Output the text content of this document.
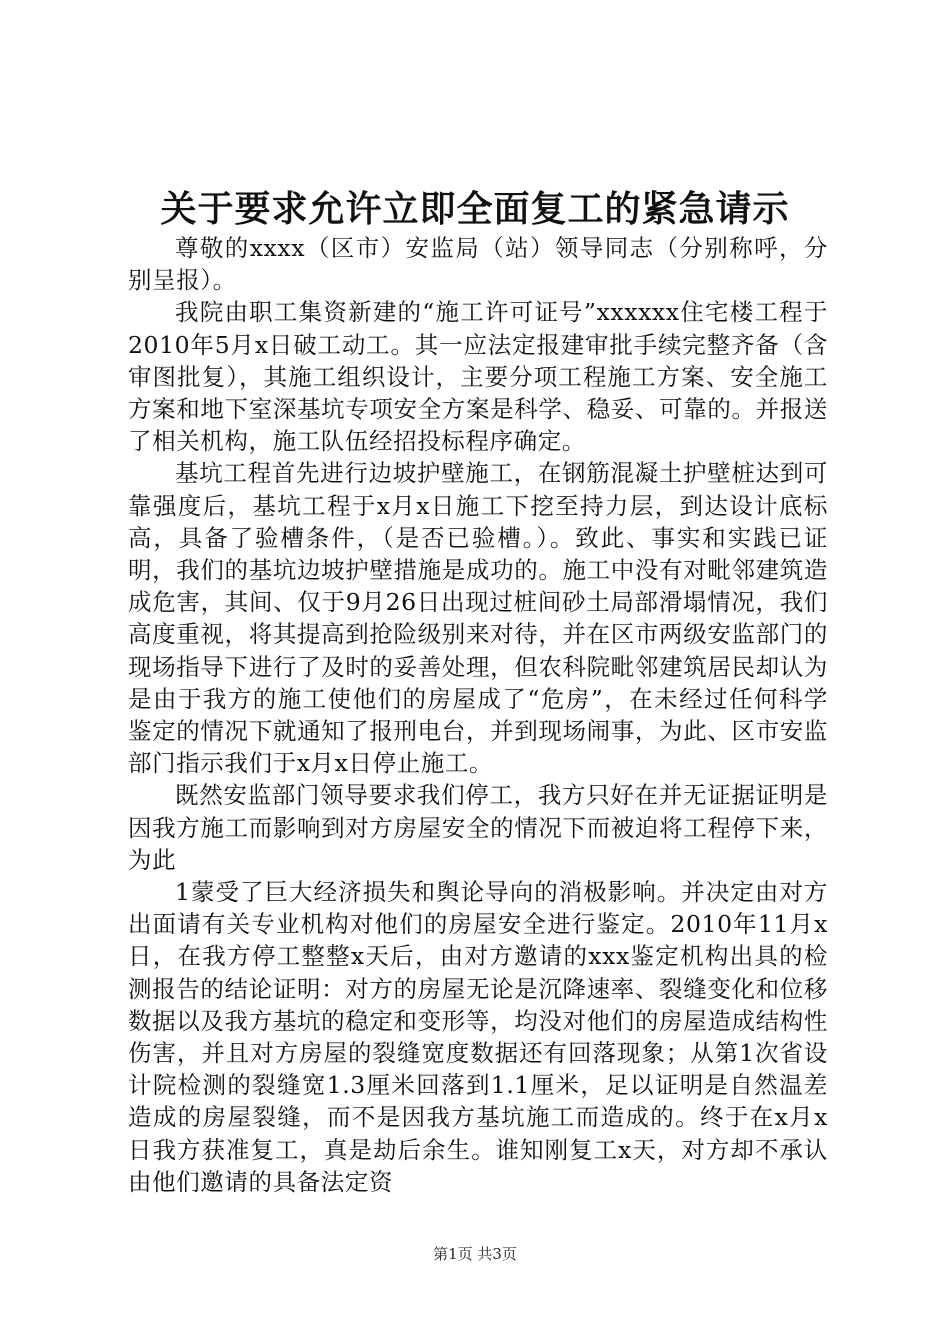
关于要求允许立即全面复工的紧急请示

尊敬的xxxx（区市）安监局（站）领导同志（分别称呼，分别呈报）。

我院由职工集资新建的“施工许可证号”xxxxxx住宅楼工程于2010年5月x日破工动工。其一应法定报建审批手续完整齐备（含审图批复），其施工组织设计，主要分项工程施工方案、安全施工方案和地下室深基坑专项安全方案是科学、稳妥、可靠的。并报送了相关机构，施工队伍经招投标程序确定。

基坑工程首先进行边坡护壁施工，在钢筋混凝土护壁桩达到可靠强度后，基坑工程于x月x日施工下挖至持力层，到达设计底标高，具备了验槽条件，（是否已验槽。）。致此、事实和实践已证明，我们的基坑边坡护壁措施是成功的。施工中没有对毗邻建筑造成危害，其间、仅于9月26日出现过桩间砂土局部滑塌情况，我们高度重视，将其提高到抢险级别来对待，并在区市两级安监部门的现场指导下进行了及时的妥善处理，但农科院毗邻建筑居民却认为是由于我方的施工使他们的房屋成了“危房”，在未经过任何科学鉴定的情况下就通知了报刑电台，并到现场闹事，为此、区市安监部门指示我们于x月x日停止施工。

既然安监部门领导要求我们停工，我方只好在并无证据证明是因我方施工而影响到对方房屋安全的情况下而被迫将工程停下来，为此

1蒙受了巨大经济损失和舆论导向的消极影响。并决定由对方出面请有关专业机构对他们的房屋安全进行鉴定。2010年11月x日，在我方停工整整x天后，由对方邀请的xxx鉴定机构出具的检测报告的结论证明：对方的房屋无论是沉降速率、裂缝变化和位移数据以及我方基坑的稳定和变形等，均没对他们的房屋造成结构性伤害，并且对方房屋的裂缝宽度数据还有回落现象；从第1次省设计院检测的裂缝宽1.3厘米回落到1.1厘米，足以证明是自然温差造成的房屋裂缝，而不是因我方基坑施工而造成的。终于在x月x日我方获准复工，真是劫后余生。谁知刚复工x天，对方却不承认由他们邀请的具备法定资

第1页 共3页
